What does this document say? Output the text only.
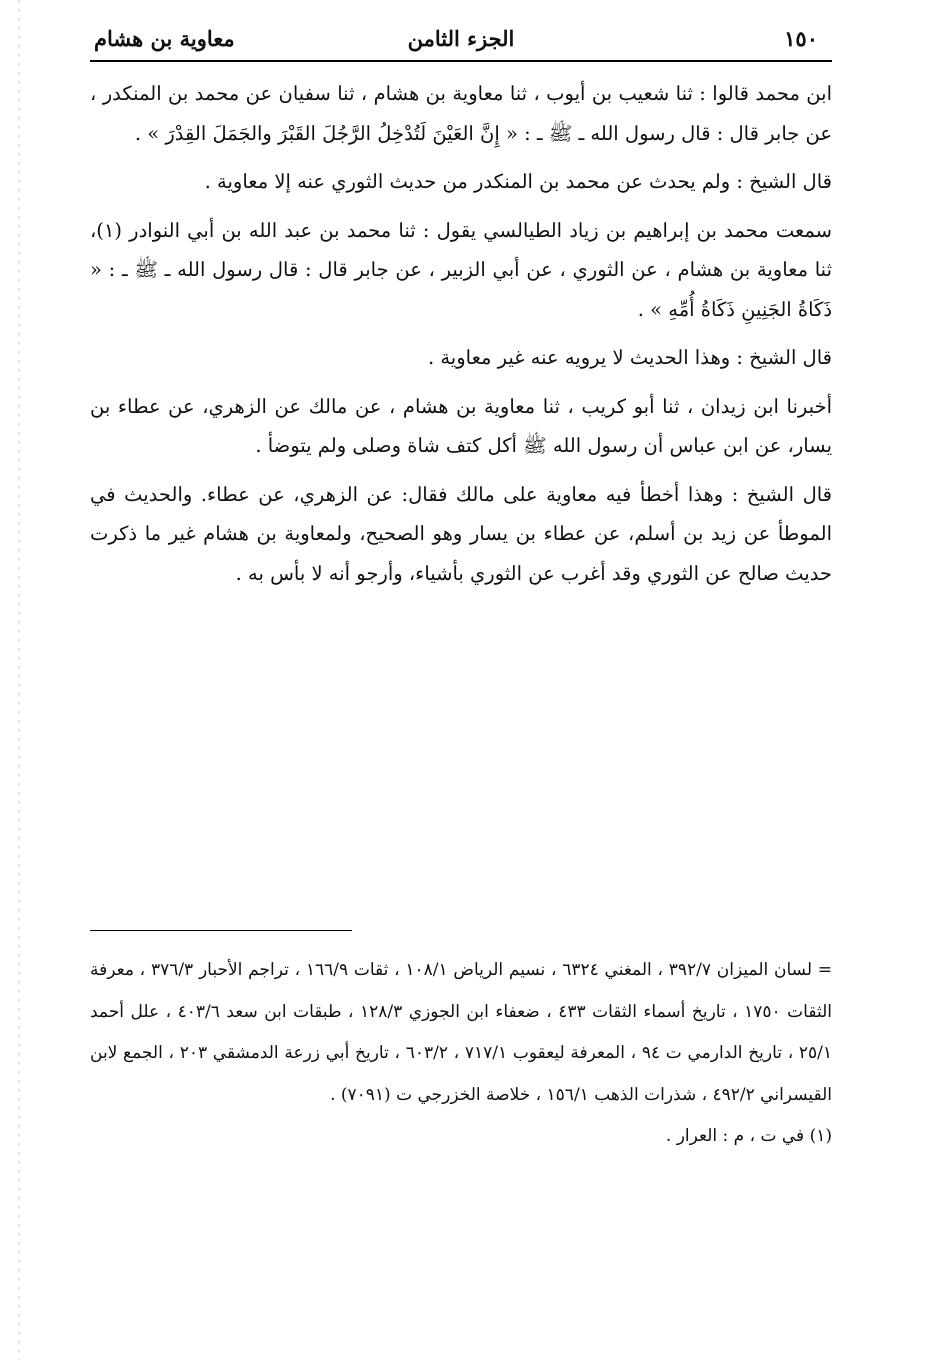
١٥٠
الجزء الثامن
معاوية بن هشام

ابن محمد قالوا : ثنا شعيب بن أيوب ، ثنا معاوية بن هشام ، ثنا سفيان عن محمد بن المنكدر ، عن جابر قال : قال رسول الله ـ ﷺ ـ : « إِنَّ العَيْنَ لَتُدْخِلُ الرَّجُلَ القَبْرَ والجَمَلَ القِدْرَ » .

قال الشيخ : ولم يحدث عن محمد بن المنكدر من حديث الثوري عنه إلا معاوية .

سمعت محمد بن إبراهيم بن زياد الطيالسي يقول : ثنا محمد بن عبد الله بن أبي النوادر (١)، ثنا معاوية بن هشام ، عن الثوري ، عن أبي الزبير ، عن جابر قال : قال رسول الله ـ ﷺ ـ : « ذَكَاةُ الجَنِينِ ذَكَاةُ أُمِّهِ » .

قال الشيخ : وهذا الحديث لا يرويه عنه غير معاوية .

أخبرنا ابن زيدان ، ثنا أبو كريب ، ثنا معاوية بن هشام ، عن مالك عن الزهري، عن عطاء بن يسار، عن ابن عباس أن رسول الله ﷺ أكل كتف شاة وصلى ولم يتوضأ .

قال الشيخ : وهذا أخطأ فيه معاوية على مالك فقال: عن الزهري، عن عطاء. والحديث في الموطأ عن زيد بن أسلم، عن عطاء بن يسار وهو الصحيح، ولمعاوية بن هشام غير ما ذكرت حديث صالح عن الثوري وقد أغرب عن الثوري بأشياء، وأرجو أنه لا بأس به .

= لسان الميزان ٣٩٢/٧ ، المغني ٦٣٢٤ ، نسيم الرياض ١٠٨/١ ، ثقات ١٦٦/٩ ، تراجم الأحبار ٣٧٦/٣ ، معرفة الثقات ١٧٥٠ ، تاريخ أسماء الثقات ٤٣٣ ، ضعفاء ابن الجوزي ١٢٨/٣ ، طبقات ابن سعد ٤٠٣/٦ ، علل أحمد ٢٥/١ ، تاريخ الدارمي ت ٩٤ ، المعرفة ليعقوب ٧١٧/١ ، ٦٠٣/٢ ، تاريخ أبي زرعة الدمشقي ٢٠٣ ، الجمع لابن القيسراني ٤٩٢/٢ ، شذرات الذهب ١٥٦/١ ، خلاصة الخزرجي ت (٧٠٩١) .

(١) في ت ، م : العرار .
